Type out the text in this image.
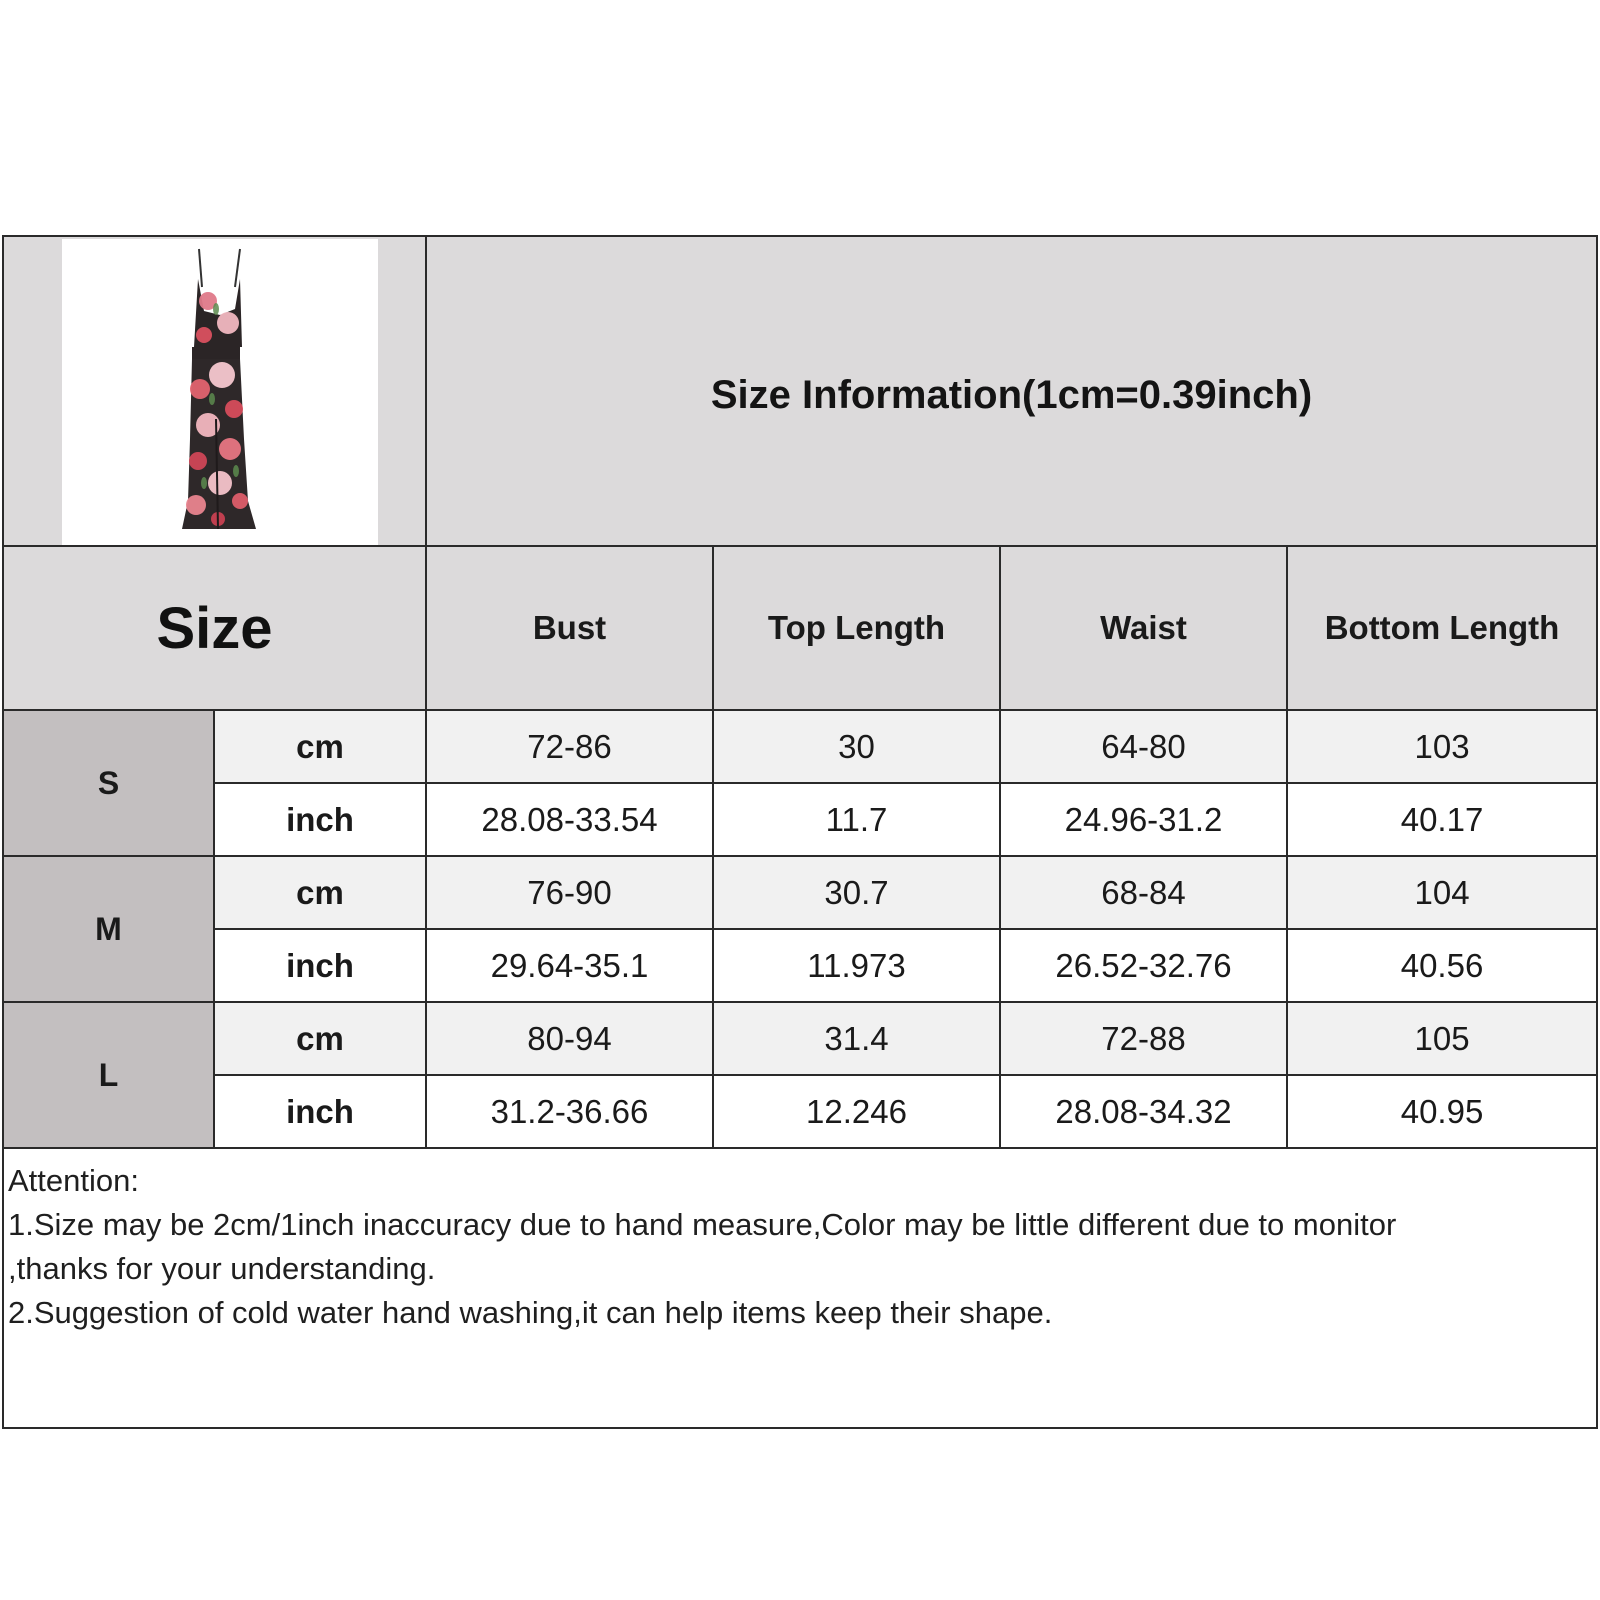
Size Information(1cm=0.39inch)			

Size		Bust	Top Length	Waist	Bottom Length
S	cm	72-86	30	64-80	103
	inch	28.08-33.54	11.7	24.96-31.2	40.17
M	cm	76-90	30.7	68-84	104
	inch	29.64-35.1	11.973	26.52-32.76	40.56
L	cm	80-94	31.4	72-88	105
	inch	31.2-36.66	12.246	28.08-34.32	40.95

Attention:

1.Size may be 2cm/1inch inaccuracy due to hand measure,Color may be little different due to monitor

,thanks for your understanding.

2.Suggestion of cold water hand washing,it can help items keep their shape.
